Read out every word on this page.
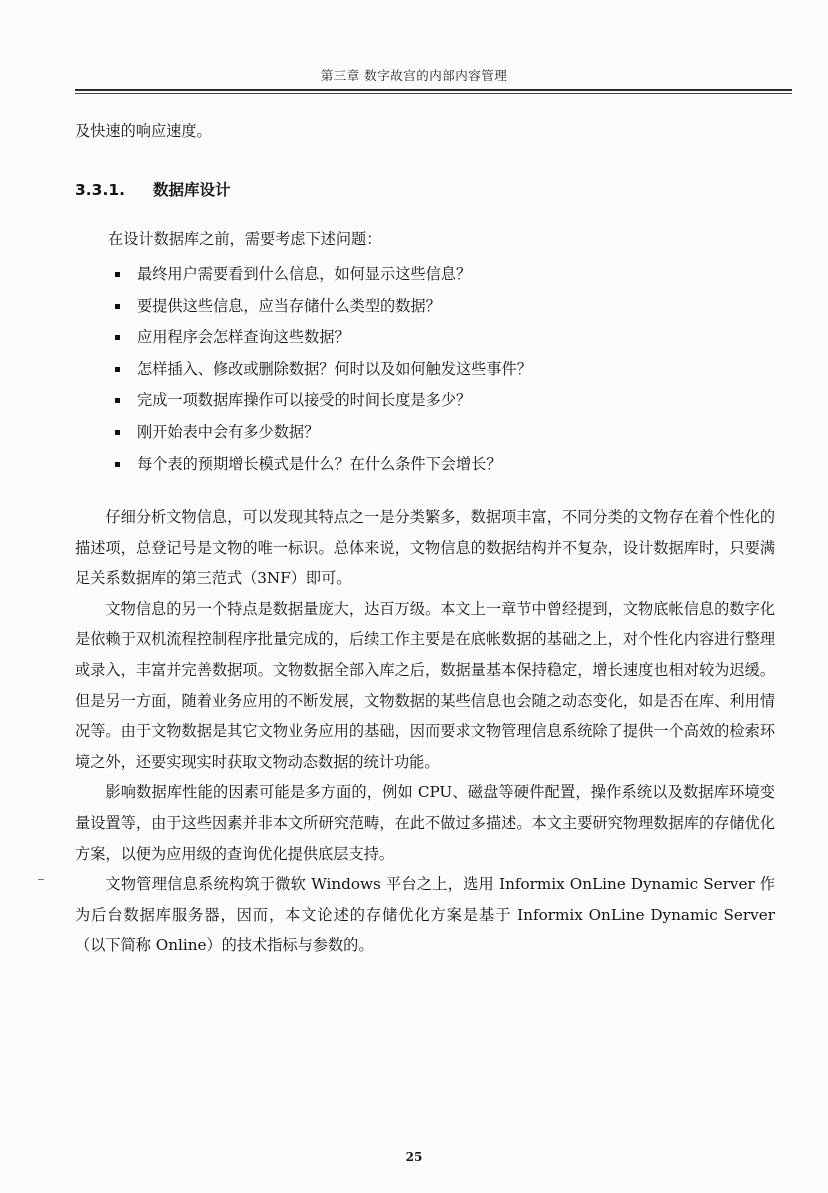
第三章 数字故宫的内部内容管理
及快速的响应速度。
3.3.1. 数据库设计
在设计数据库之前，需要考虑下述问题：
最终用户需要看到什么信息，如何显示这些信息？
要提供这些信息，应当存储什么类型的数据？
应用程序会怎样查询这些数据？
怎样插入、修改或删除数据？何时以及如何触发这些事件？
完成一项数据库操作可以接受的时间长度是多少？
刚开始表中会有多少数据？
每个表的预期增长模式是什么？在什么条件下会增长？

仔细分析文物信息，可以发现其特点之一是分类繁多，数据项丰富，不同分类的文物存在着个性化的描述项，总登记号是文物的唯一标识。总体来说，文物信息的数据结构并不复杂，设计数据库时，只要满足关系数据库的第三范式（3NF）即可。

文物信息的另一个特点是数据量庞大，达百万级。本文上一章节中曾经提到，文物底帐信息的数字化是依赖于双机流程控制程序批量完成的，后续工作主要是在底帐数据的基础之上，对个性化内容进行整理或录入，丰富并完善数据项。文物数据全部入库之后，数据量基本保持稳定，增长速度也相对较为迟缓。但是另一方面，随着业务应用的不断发展，文物数据的某些信息也会随之动态变化，如是否在库、利用情况等。由于文物数据是其它文物业务应用的基础，因而要求文物管理信息系统除了提供一个高效的检索环境之外，还要实现实时获取文物动态数据的统计功能。

影响数据库性能的因素可能是多方面的，例如 CPU、磁盘等硬件配置，操作系统以及数据库环境变量设置等，由于这些因素并非本文所研究范畴，在此不做过多描述。本文主要研究物理数据库的存储优化方案，以便为应用级的查询优化提供底层支持。

文物管理信息系统构筑于微软 Windows 平台之上，选用 Informix OnLine Dynamic Server 作为后台数据库服务器，因而，本文论述的存储优化方案是基于 Informix OnLine Dynamic Server（以下简称 Online）的技术指标与参数的。

25
